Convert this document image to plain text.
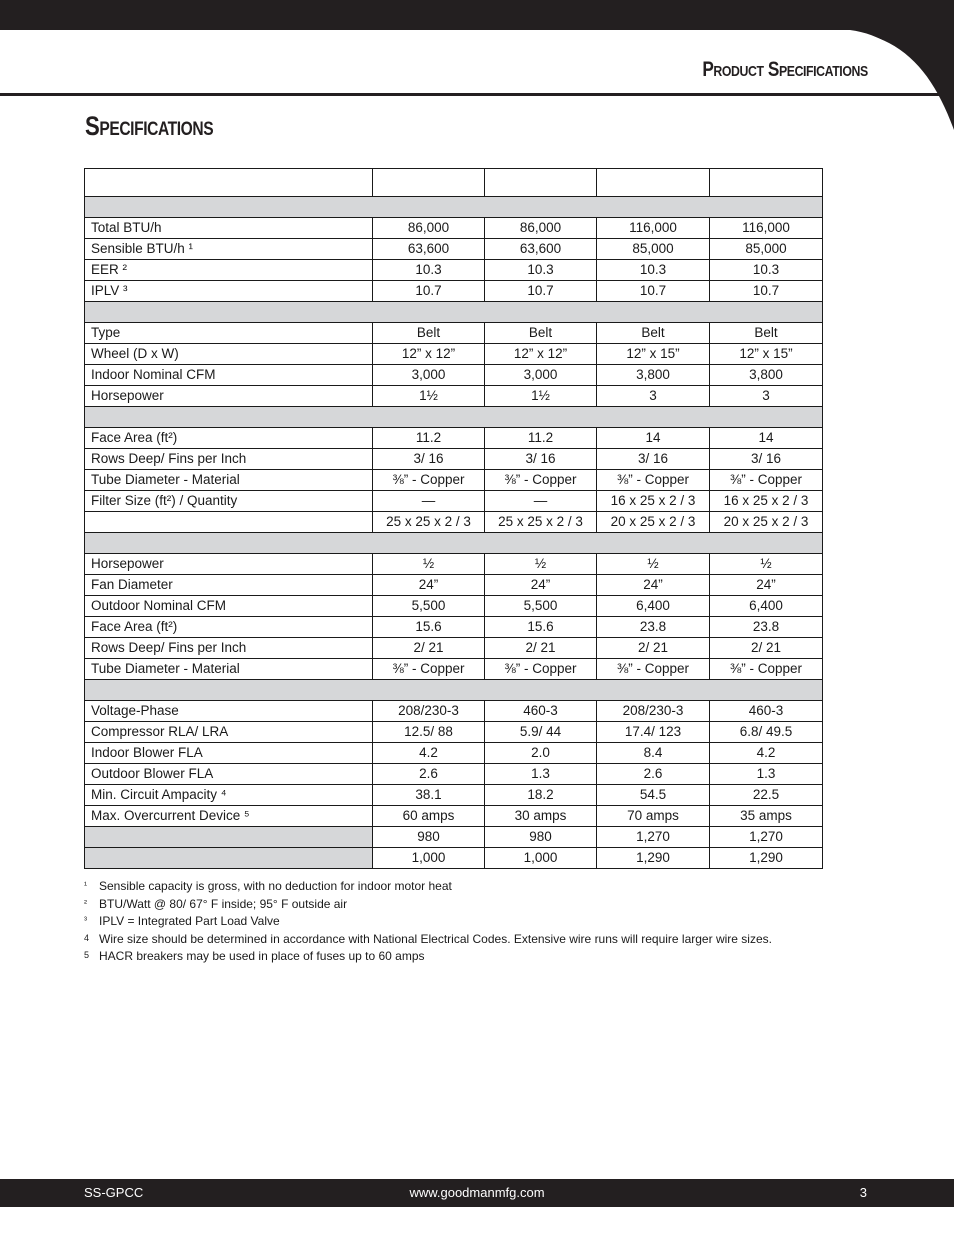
Product Specifications
Specifications

Total BTU/h	86,000	86,000	116,000	116,000
Sensible BTU/h ¹	63,600	63,600	85,000	85,000
EER ²	10.3	10.3	10.3	10.3
IPLV ³	10.7	10.7	10.7	10.7

Type	Belt	Belt	Belt	Belt
Wheel (D x W)	12” x 12”	12” x 12”	12” x 15”	12” x 15”
Indoor Nominal CFM	3,000	3,000	3,800	3,800
Horsepower	1½	1½	3	3

Face Area (ft²)	11.2	11.2	14	14
Rows Deep/ Fins per Inch	3/ 16	3/ 16	3/ 16	3/ 16
Tube Diameter - Material	⅜” - Copper	⅜” - Copper	⅜” - Copper	⅜” - Copper
Filter Size (ft²) / Quantity	—	—	16 x 25 x 2 / 3	16 x 25 x 2 / 3
	25 x 25 x 2 / 3	25 x 25 x 2 / 3	20 x 25 x 2 / 3	20 x 25 x 2 / 3

Horsepower	½	½	½	½
Fan Diameter	24”	24”	24”	24”
Outdoor Nominal CFM	5,500	5,500	6,400	6,400
Face Area (ft²)	15.6	15.6	23.8	23.8
Rows Deep/ Fins per Inch	2/ 21	2/ 21	2/ 21	2/ 21
Tube Diameter - Material	⅜” - Copper	⅜” - Copper	⅜” - Copper	⅜” - Copper

Voltage-Phase	208/230-3	460-3	208/230-3	460-3
Compressor RLA/ LRA	12.5/ 88	5.9/ 44	17.4/ 123	6.8/ 49.5
Indoor Blower FLA	4.2	2.0	8.4	4.2
Outdoor Blower FLA	2.6	1.3	2.6	1.3
Min. Circuit Ampacity ⁴	38.1	18.2	54.5	22.5
Max. Overcurrent Device ⁵	60 amps	30 amps	70 amps	35 amps
	980	980	1,270	1,270
	1,000	1,000	1,290	1,290
¹ Sensible capacity is gross, with no deduction for indoor motor heat
² BTU/Watt @ 80/ 67° F inside; 95° F outside air
³ IPLV = Integrated Part Load Valve
4 Wire size should be determined in accordance with National Electrical Codes. Extensive wire runs will require larger wire sizes.
5 HACR breakers may be used in place of fuses up to 60 amps
www.goodmanmfg.com
SS-GPCC	3
